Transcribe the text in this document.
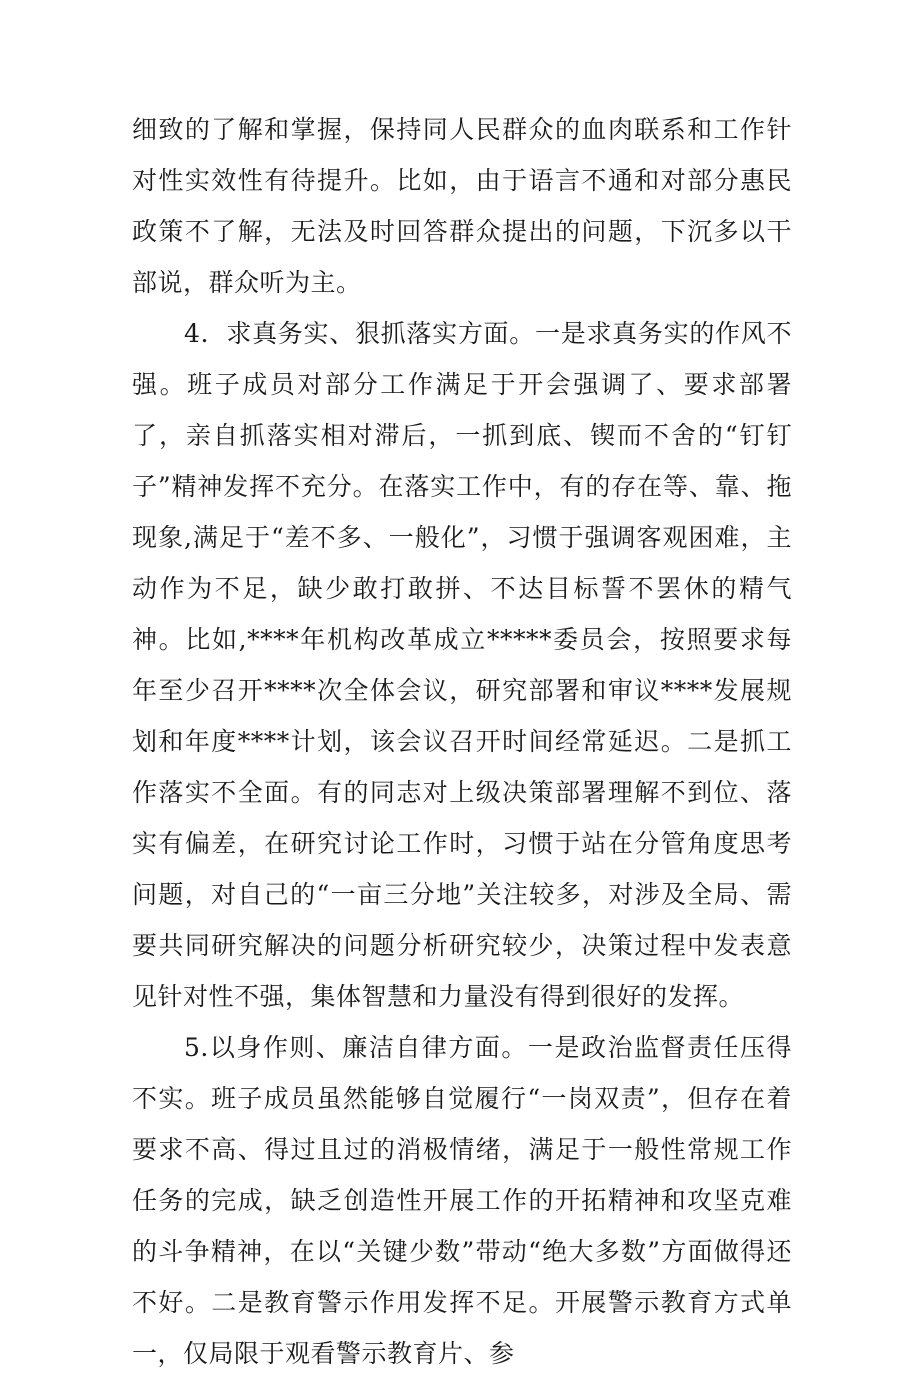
细致的了解和掌握，保持同人民群众的血肉联系和工作针对性实效性有待提升。比如，由于语言不通和对部分惠民政策不了解，无法及时回答群众提出的问题，下沉多以干部说，群众听为主。

4．求真务实、狠抓落实方面。一是求真务实的作风不强。班子成员对部分工作满足于开会强调了、要求部署了，亲自抓落实相对滞后，一抓到底、锲而不舍的“钉钉子”精神发挥不充分。在落实工作中，有的存在等、靠、拖现象,满足于“差不多、一般化”，习惯于强调客观困难，主动作为不足，缺少敢打敢拼、不达目标誓不罢休的精气神。比如,****年机构改革成立*****委员会，按照要求每年至少召开****次全体会议，研究部署和审议****发展规划和年度****计划，该会议召开时间经常延迟。二是抓工作落实不全面。有的同志对上级决策部署理解不到位、落实有偏差，在研究讨论工作时，习惯于站在分管角度思考问题，对自己的“一亩三分地”关注较多，对涉及全局、需要共同研究解决的问题分析研究较少，决策过程中发表意见针对性不强，集体智慧和力量没有得到很好的发挥。

5.以身作则、廉洁自律方面。一是政治监督责任压得不实。班子成员虽然能够自觉履行“一岗双责”，但存在着要求不高、得过且过的消极情绪，满足于一般性常规工作任务的完成，缺乏创造性开展工作的开拓精神和攻坚克难的斗争精神，在以“关键少数”带动“绝大多数”方面做得还不好。二是教育警示作用发挥不足。开展警示教育方式单一，仅局限于观看警示教育片、参
